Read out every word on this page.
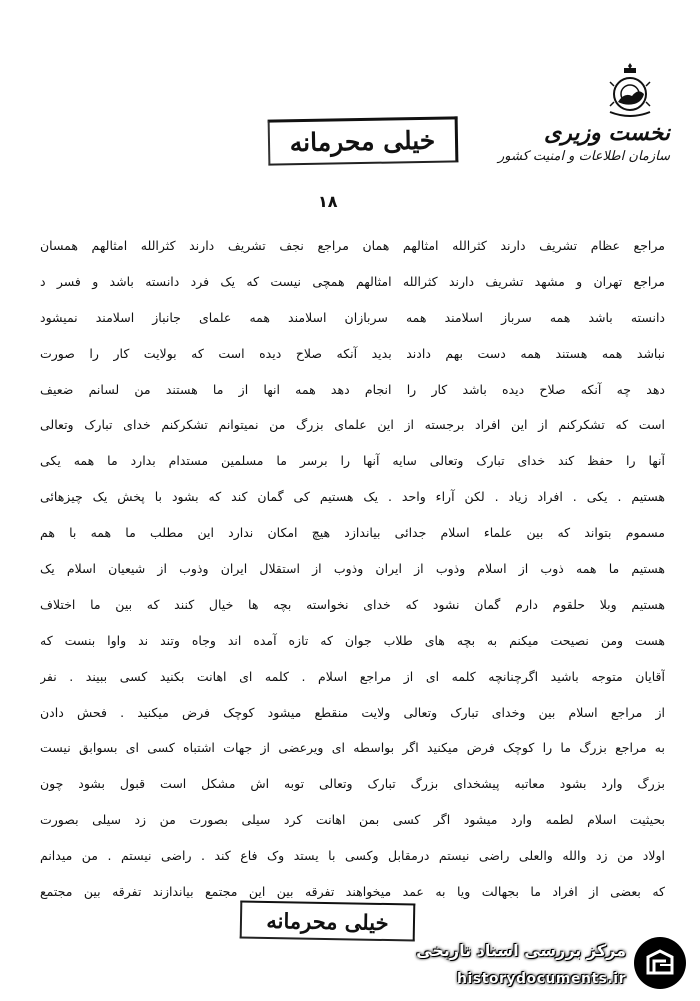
نخست وزیری
سازمان اطلاعات و امنیت کشور
خیلی محرمانه
۱۸
مراجع عظام تشریف دارند کثرالله امثالهم همان مراجع نجف تشریف دارند کثرالله امثالهم همسان
مراجع تهران و مشهد تشریف دارند کثرالله امثالهم همچی نیست که یک فرد دانسته باشد و فسر د
دانسته باشد همه سرباز اسلامند همه سربازان اسلامند همه علمای جانباز اسلامند نمیشود
نباشد همه هستند همه دست بهم دادند بدید آنکه صلاح دیده است که بولایت کار را صورت
دهد چه آنکه صلاح دیده باشد کار را انجام دهد همه انها از ما هستند من لسانم ضعیف
است که تشکرکنم از این افراد برجسته از این علمای بزرگ من نمیتوانم تشکرکنم خدای تبارک وتعالی
آنها را حفظ کند خدای تبارک وتعالی سایه آنها را برسر ما مسلمین مستدام بدارد ما همه یکی
هستیم . یکی . افراد زیاد . لکن آراء واحد . یک هستیم کی گمان کند که بشود با پخش یک چیزهائی
مسموم بتواند که بین علماء اسلام جدائی بیاندازد هیچ امکان ندارد این مطلب ما همه با هم
هستیم ما همه ذوب از اسلام وذوب از ایران وذوب از استقلال ایران وذوب از شیعیان اسلام یک
هستیم وبلا حلقوم دارم گمان نشود که خدای نخواسته بچه ها خیال کنند که بین ما اختلاف
هست ومن نصیحت میکنم به بچه های طلاب جوان که تازه آمده اند وجاه وتند ند واوا بنست که
آقایان متوجه باشید اگرچنانچه کلمه ای از مراجع اسلام . کلمه ای اهانت بکنید کسی ببیند . نفر
از مراجع اسلام بین وخدای تبارک وتعالی ولایت منقطع میشود کوچک فرض میکنید . فحش دادن
به مراجع بزرگ ما را کوچک فرض میکنید اگر بواسطه ای ویرعضی از جهات اشتباه کسی ای بسوابق نیست
بزرگ وارد بشود معاتبه پیشخدای بزرگ تبارک وتعالی توبه اش مشکل است قبول بشود چون
بحیثیت اسلام لطمه وارد میشود اگر کسی بمن اهانت کرد سیلی بصورت من زد سیلی بصورت
اولاد من زد والله والعلی راضی نیستم درمقابل وکسی با یستد وک فاع کند . راضی نیستم . من میدانم
که بعضی از افراد ما بجهالت ویا به عمد میخواهند تفرقه بین این مجتمع بیاندازند تفرقه بین مجتمع
خیلی محرمانه
مرکز بررسی اسناد تاریخی
historydocuments.ir
